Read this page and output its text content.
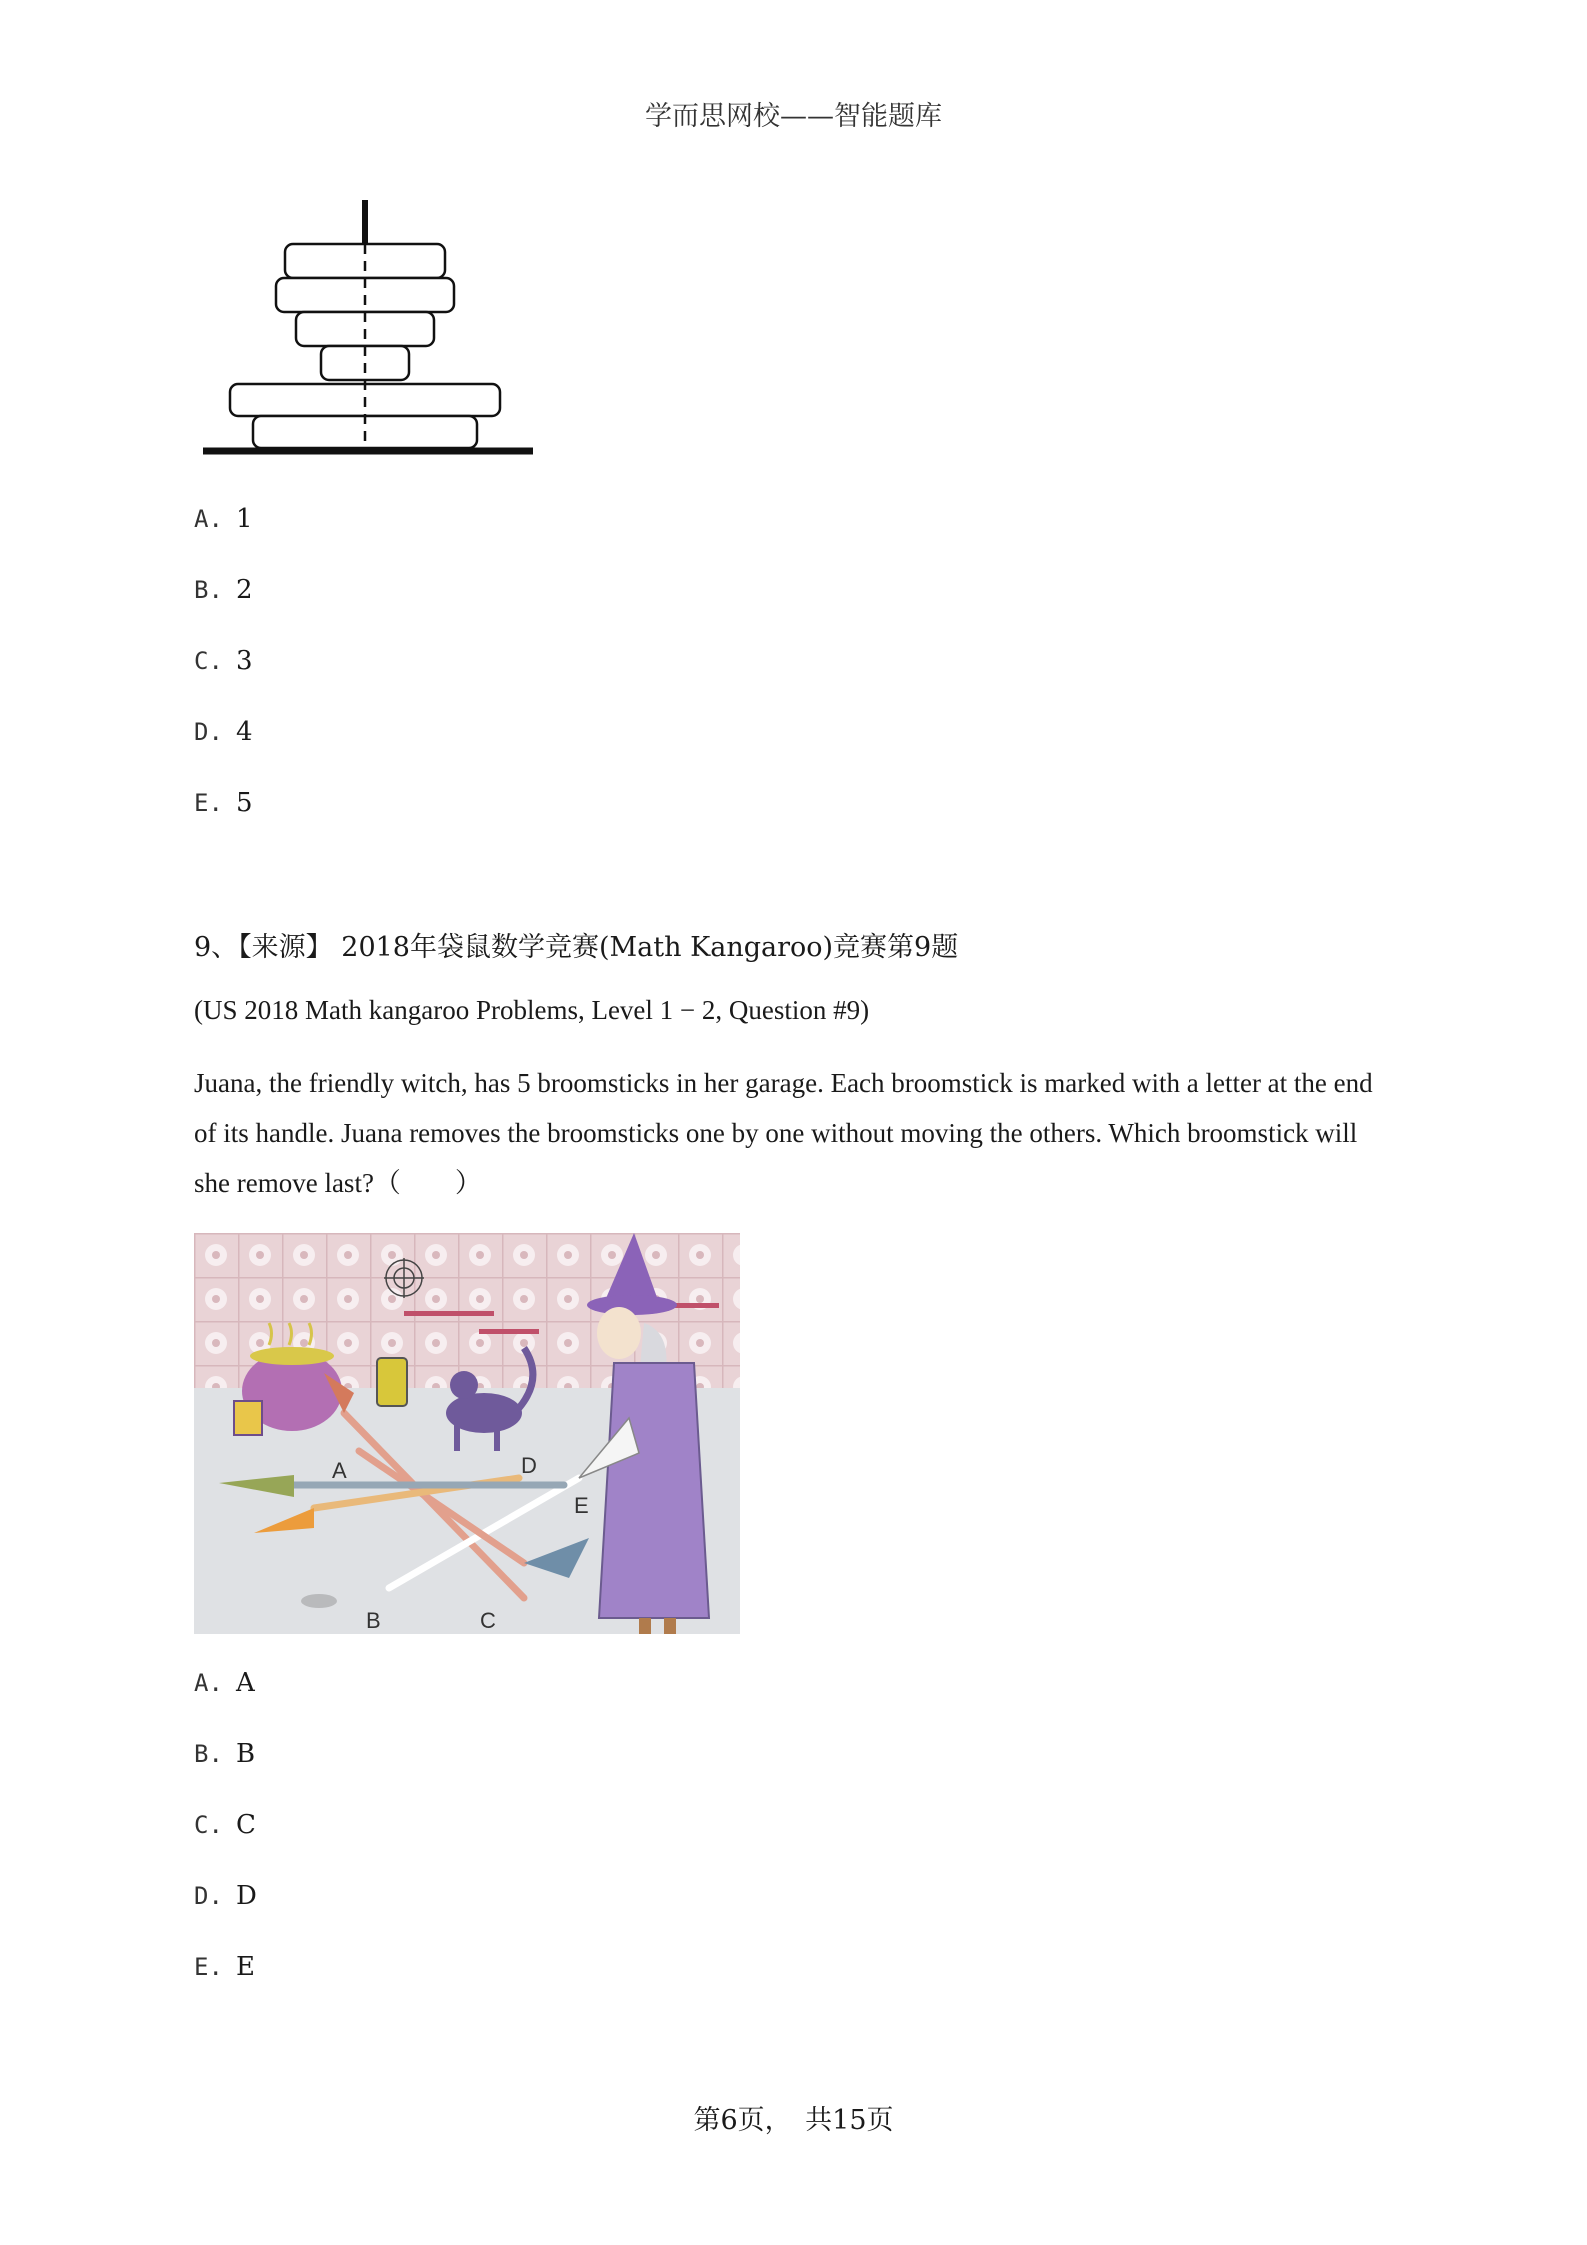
学而思网校——智能题库
A. 1
B. 2
C. 3
D. 4
E. 5
9、【来源】 2018年袋鼠数学竞赛(Math Kangaroo)竞赛第9题
(US 2018 Math kangaroo Problems, Level 1 − 2, Question #9)
Juana, the friendly witch, has 5 broomsticks in her garage. Each broomstick is marked with a letter at the end of its handle. Juana removes the broomsticks one by one without moving the others. Which broomstick will she remove last?（　　）
A
B	C
D
E
A. A
B. B
C. C
D. D
E. E
第6页，　共15页
